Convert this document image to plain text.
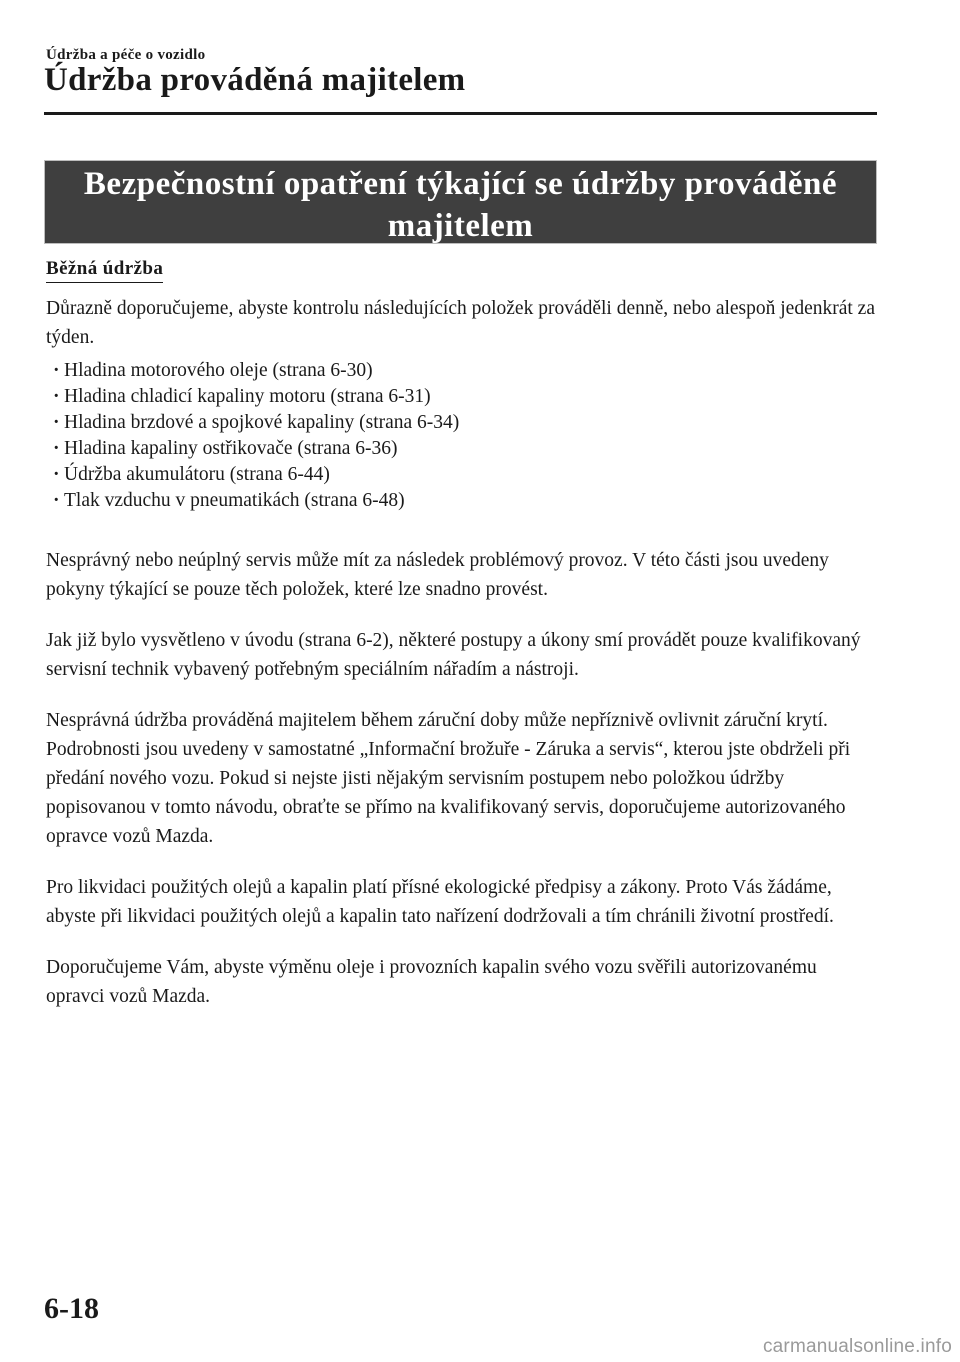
Údržba a péče o vozidlo
Údržba prováděná majitelem
Bezpečnostní opatření týkající se údržby prováděné
majitelem
Běžná údržba

Důrazně doporučujeme, abyste kontrolu následujících položek prováděli denně, nebo alespoň jedenkrát za týden.

· Hladina motorového oleje (strana 6-30)
· Hladina chladicí kapaliny motoru (strana 6-31)
· Hladina brzdové a spojkové kapaliny (strana 6-34)
· Hladina kapaliny ostřikovače (strana 6-36)
· Údržba akumulátoru (strana 6-44)
· Tlak vzduchu v pneumatikách (strana 6-48)

Nesprávný nebo neúplný servis může mít za následek problémový provoz. V této části jsou uvedeny pokyny týkající se pouze těch položek, které lze snadno provést.

Jak již bylo vysvětleno v úvodu (strana 6-2), některé postupy a úkony smí provádět pouze kvalifikovaný servisní technik vybavený potřebným speciálním nářadím a nástroji.

Nesprávná údržba prováděná majitelem během záruční doby může nepříznivě ovlivnit záruční krytí. Podrobnosti jsou uvedeny v samostatné „Informační brožuře - Záruka a servis“, kterou jste obdrželi při předání nového vozu. Pokud si nejste jisti nějakým servisním postupem nebo položkou údržby popisovanou v tomto návodu, obraťte se přímo na kvalifikovaný servis, doporučujeme autorizovaného opravce vozů Mazda.

Pro likvidaci použitých olejů a kapalin platí přísné ekologické předpisy a zákony. Proto Vás žádáme, abyste při likvidaci použitých olejů a kapalin tato nařízení dodržovali a tím chránili životní prostředí.

Doporučujeme Vám, abyste výměnu oleje i provozních kapalin svého vozu svěřili autorizovanému opravci vozů Mazda.

6-18
carmanualsonline.info
